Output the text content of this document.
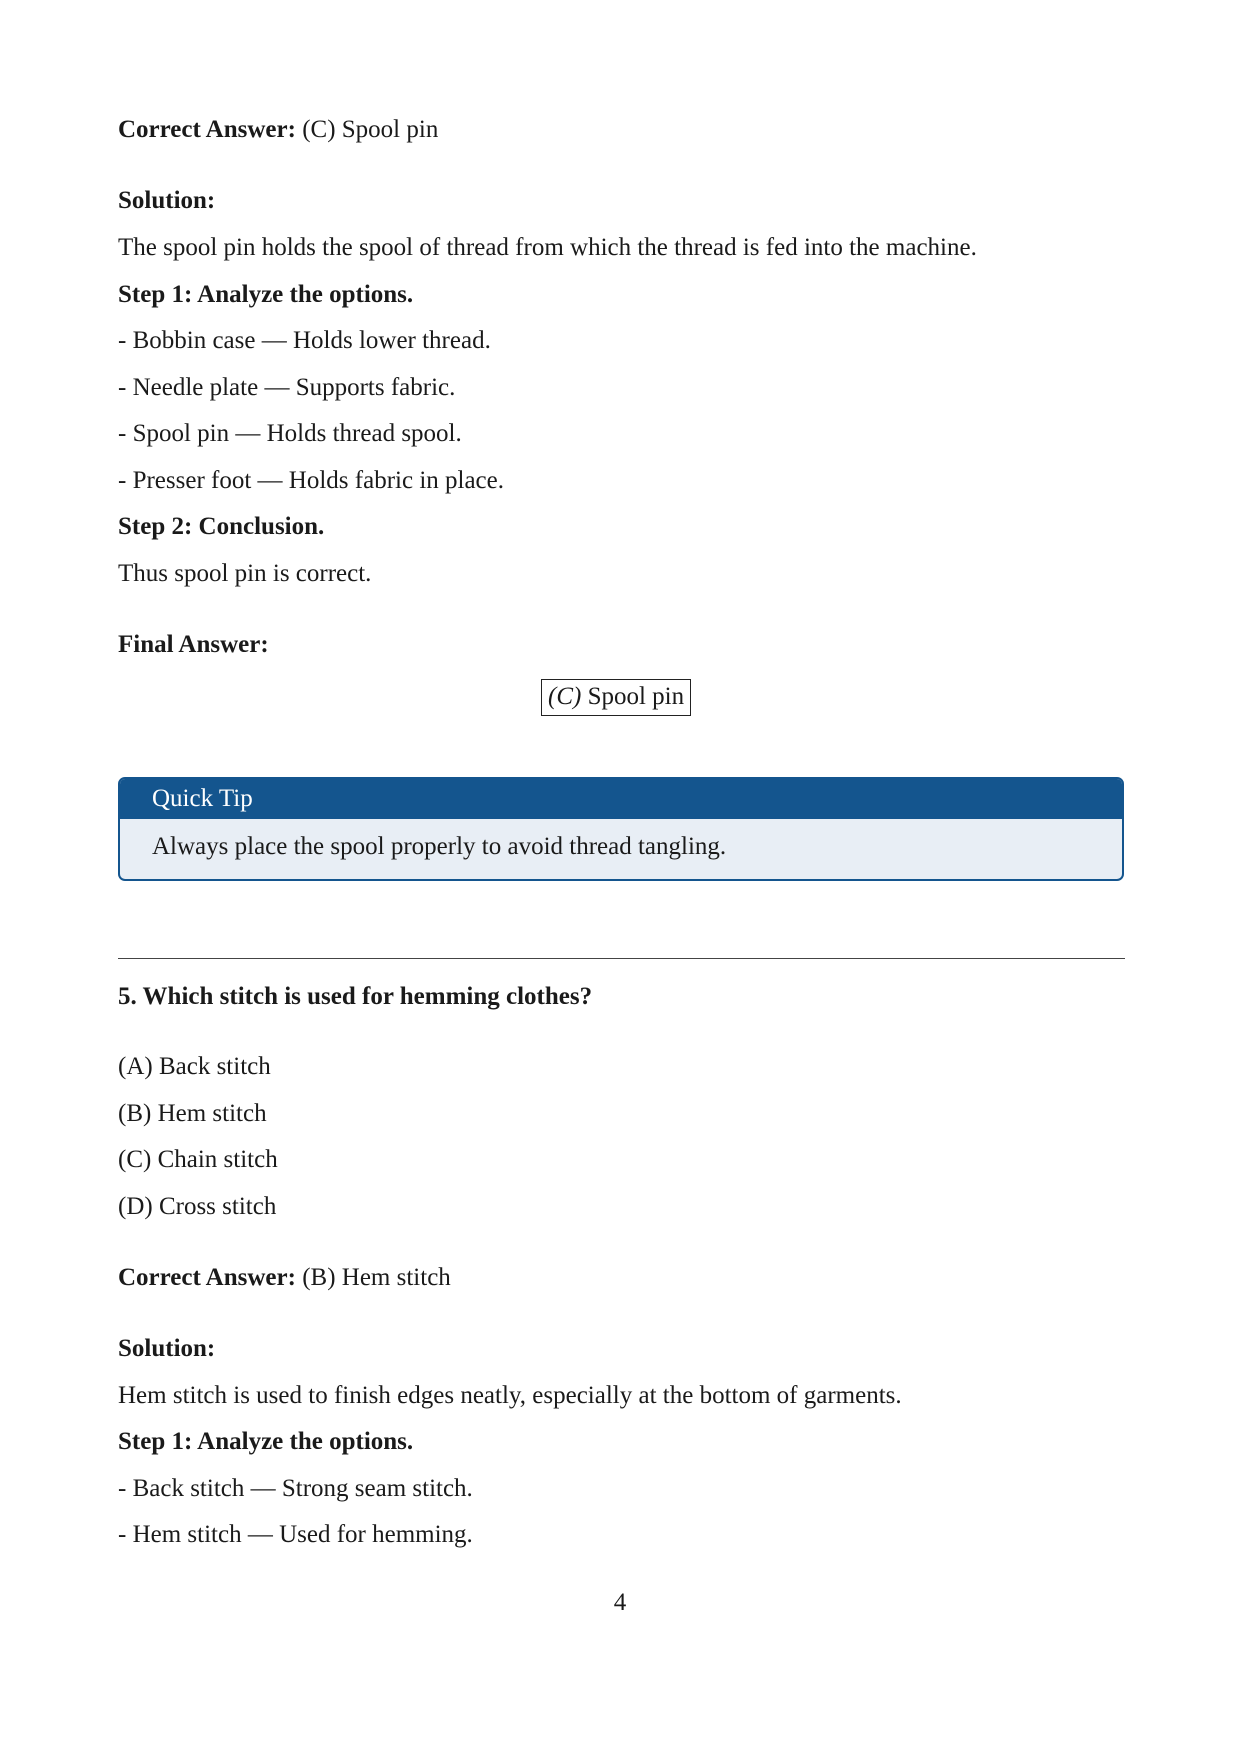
Correct Answer: (C) Spool pin
Solution:
The spool pin holds the spool of thread from which the thread is fed into the machine.
Step 1: Analyze the options.
- Bobbin case — Holds lower thread.
- Needle plate — Supports fabric.
- Spool pin — Holds thread spool.
- Presser foot — Holds fabric in place.
Step 2: Conclusion.
Thus spool pin is correct.
Final Answer:
(C) Spool pin
Quick Tip
Always place the spool properly to avoid thread tangling.
5. Which stitch is used for hemming clothes?
(A) Back stitch
(B) Hem stitch
(C) Chain stitch
(D) Cross stitch
Correct Answer: (B) Hem stitch
Solution:
Hem stitch is used to finish edges neatly, especially at the bottom of garments.
Step 1: Analyze the options.
- Back stitch — Strong seam stitch.
- Hem stitch — Used for hemming.
4
